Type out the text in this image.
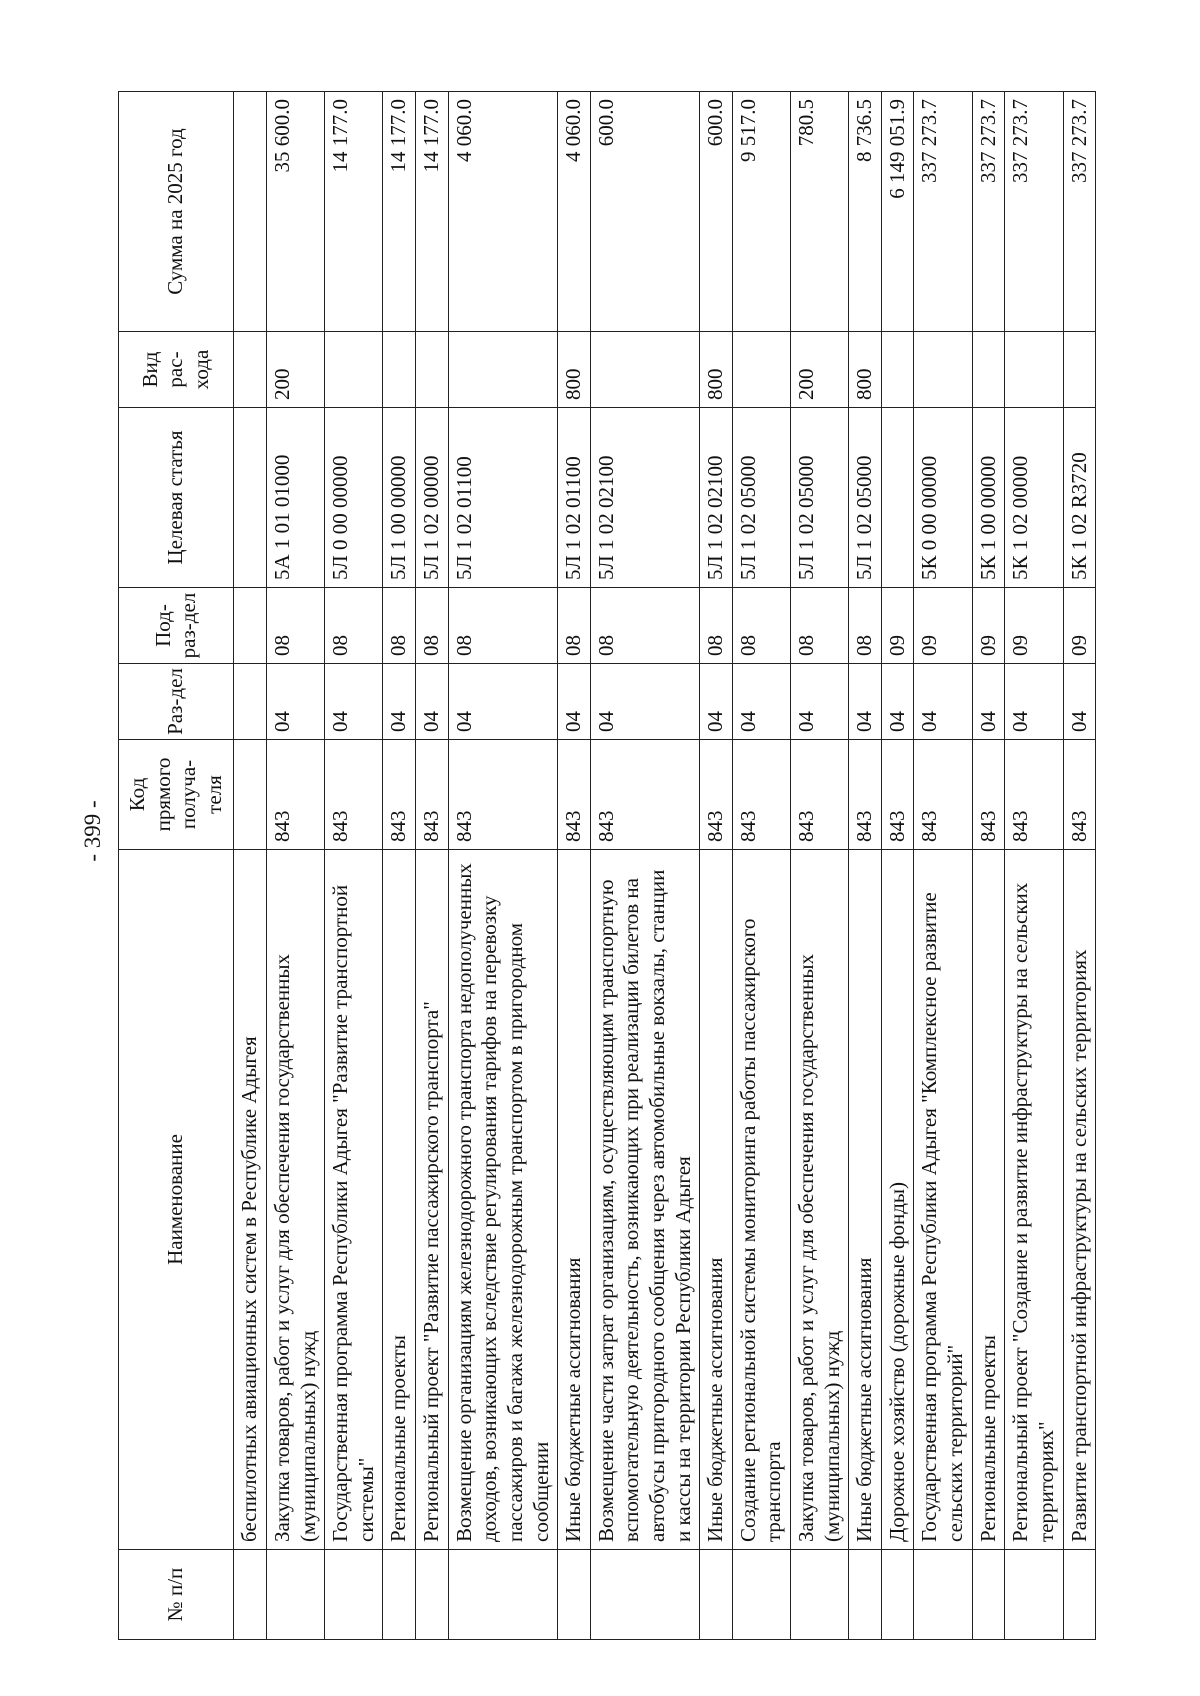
- 399 -
№ п/п	Наименование	Код прямого получа-теля	Раз-дел	Под-раз-дел	Целевая статья	Вид рас-хода	Сумма на 2025 год
	беспилотных авиационных систем в Республике Адыгея						
	Закупка товаров, работ и услуг для обеспечения государственных (муниципальных) нужд	843	04	08	5А 1 01 01000	200	35 600.0
	Государственная программа Республики Адыгея "Развитие транспортной системы"	843	04	08	5Л 0 00 00000		14 177.0
	Региональные проекты	843	04	08	5Л 1 00 00000		14 177.0
	Региональный проект "Развитие пассажирского транспорта"	843	04	08	5Л 1 02 00000		14 177.0
	Возмещение организациям железнодорожного транспорта недополученных доходов, возникающих вследствие регулирования тарифов на перевозку пассажиров и багажа железнодорожным транспортом в пригородном сообщении	843	04	08	5Л 1 02 01100		4 060.0
	Иные бюджетные ассигнования	843	04	08	5Л 1 02 01100	800	4 060.0
	Возмещение части затрат организациям, осуществляющим транспортную вспомогательную деятельность, возникающих при реализации билетов на автобусы пригородного сообщения через автомобильные вокзалы, станции и кассы на территории Республики Адыгея	843	04	08	5Л 1 02 02100		600.0
	Иные бюджетные ассигнования	843	04	08	5Л 1 02 02100	800	600.0
	Создание региональной системы мониторинга работы пассажирского транспорта	843	04	08	5Л 1 02 05000		9 517.0
	Закупка товаров, работ и услуг для обеспечения государственных (муниципальных) нужд	843	04	08	5Л 1 02 05000	200	780.5
	Иные бюджетные ассигнования	843	04	08	5Л 1 02 05000	800	8 736.5
	Дорожное хозяйство (дорожные фонды)	843	04	09			6 149 051.9
	Государственная программа Республики Адыгея "Комплексное развитие сельских территорий"	843	04	09	5К 0 00 00000		337 273.7
	Региональные проекты	843	04	09	5К 1 00 00000		337 273.7
	Региональный проект "Создание и развитие инфраструктуры на сельских территориях"	843	04	09	5К 1 02 00000		337 273.7
	Развитие транспортной инфраструктуры на сельских территориях	843	04	09	5К 1 02 R3720		337 273.7
